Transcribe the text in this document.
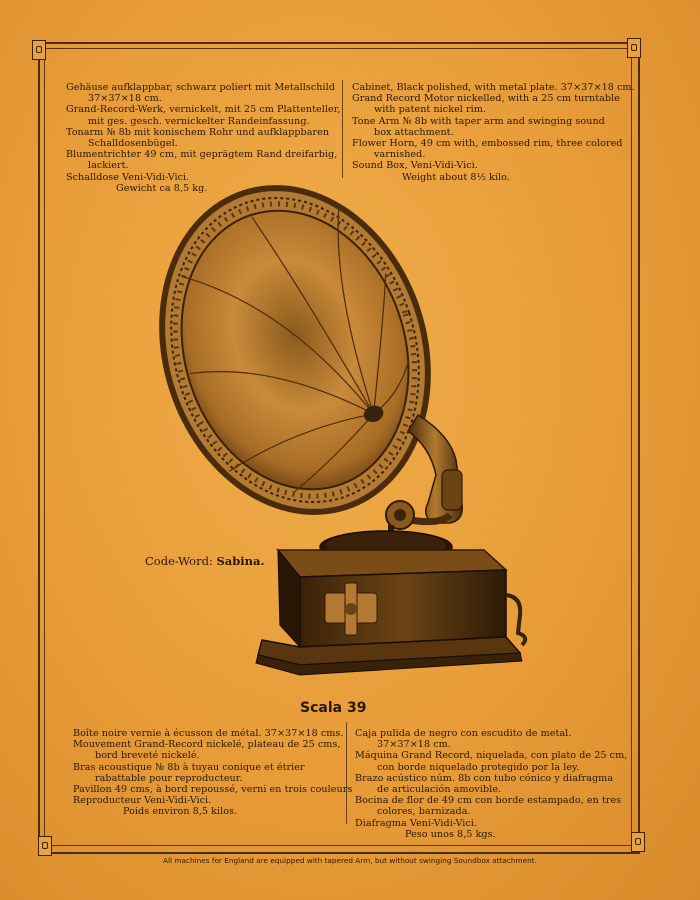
Gehäuse aufklappbar, schwarz poliert mit Metallschild
37×37×18 cm.
Grand-Record-Werk, vernickelt, mit 25 cm Plattenteller,
mit ges. gesch. vernickelter Randeinfassung.
Tonarm № 8b mit konischem Rohr und aufklappbaren
Schalldosenbügel.
Blumentrichter 49 cm, mit geprägtem Rand dreifarbig,
lackiert.
Schalldose Veni-Vidi-Vici.
Gewicht ca 8,5 kg.
Cabinet, Black polished, with metal plate. 37×37×18 cm.
Grand Record Motor nickelled, with a 25 cm turntable
with patent nickel rim.
Tone Arm № 8b with taper arm and swinging sound
box attachment.
Flower Horn, 49 cm with, embossed rim, three colored
varnished.
Sound Box, Veni-Vidi-Vici.
Weight about 8½ kilo.
Boîte noire vernie à écusson de métal. 37×37×18 cms.
Mouvement Grand-Record nickelé, plateau de 25 cms,
bord breveté nickelé.
Bras acoustique № 8b à tuyau conique et étrier
rabattable pour reproducteur.
Pavillon 49 cms, à bord repoussé, verni en trois couleurs
Reproducteur Veni-Vidi-Vici.
Poids environ 8,5 kilos.
Caja pulida de negro con escudito de metal.
37×37×18 cm.
Máquina Grand Record, niquelada, con plato de 25 cm,
con borde niquelado protegido por la ley.
Brazo acústico núm. 8b con tubo cónico y diafragma
de articulación amovible.
Bocina de flor de 49 cm con borde estampado, en tres
colores, barnizada.
Diafragma Veni-Vidi-Vici.
Peso unos 8,5 kgs.
Code-Word: Sabina.
Scala 39
All machines for England are equipped with tapered Arm, but without swinging Soundbox attachment.
